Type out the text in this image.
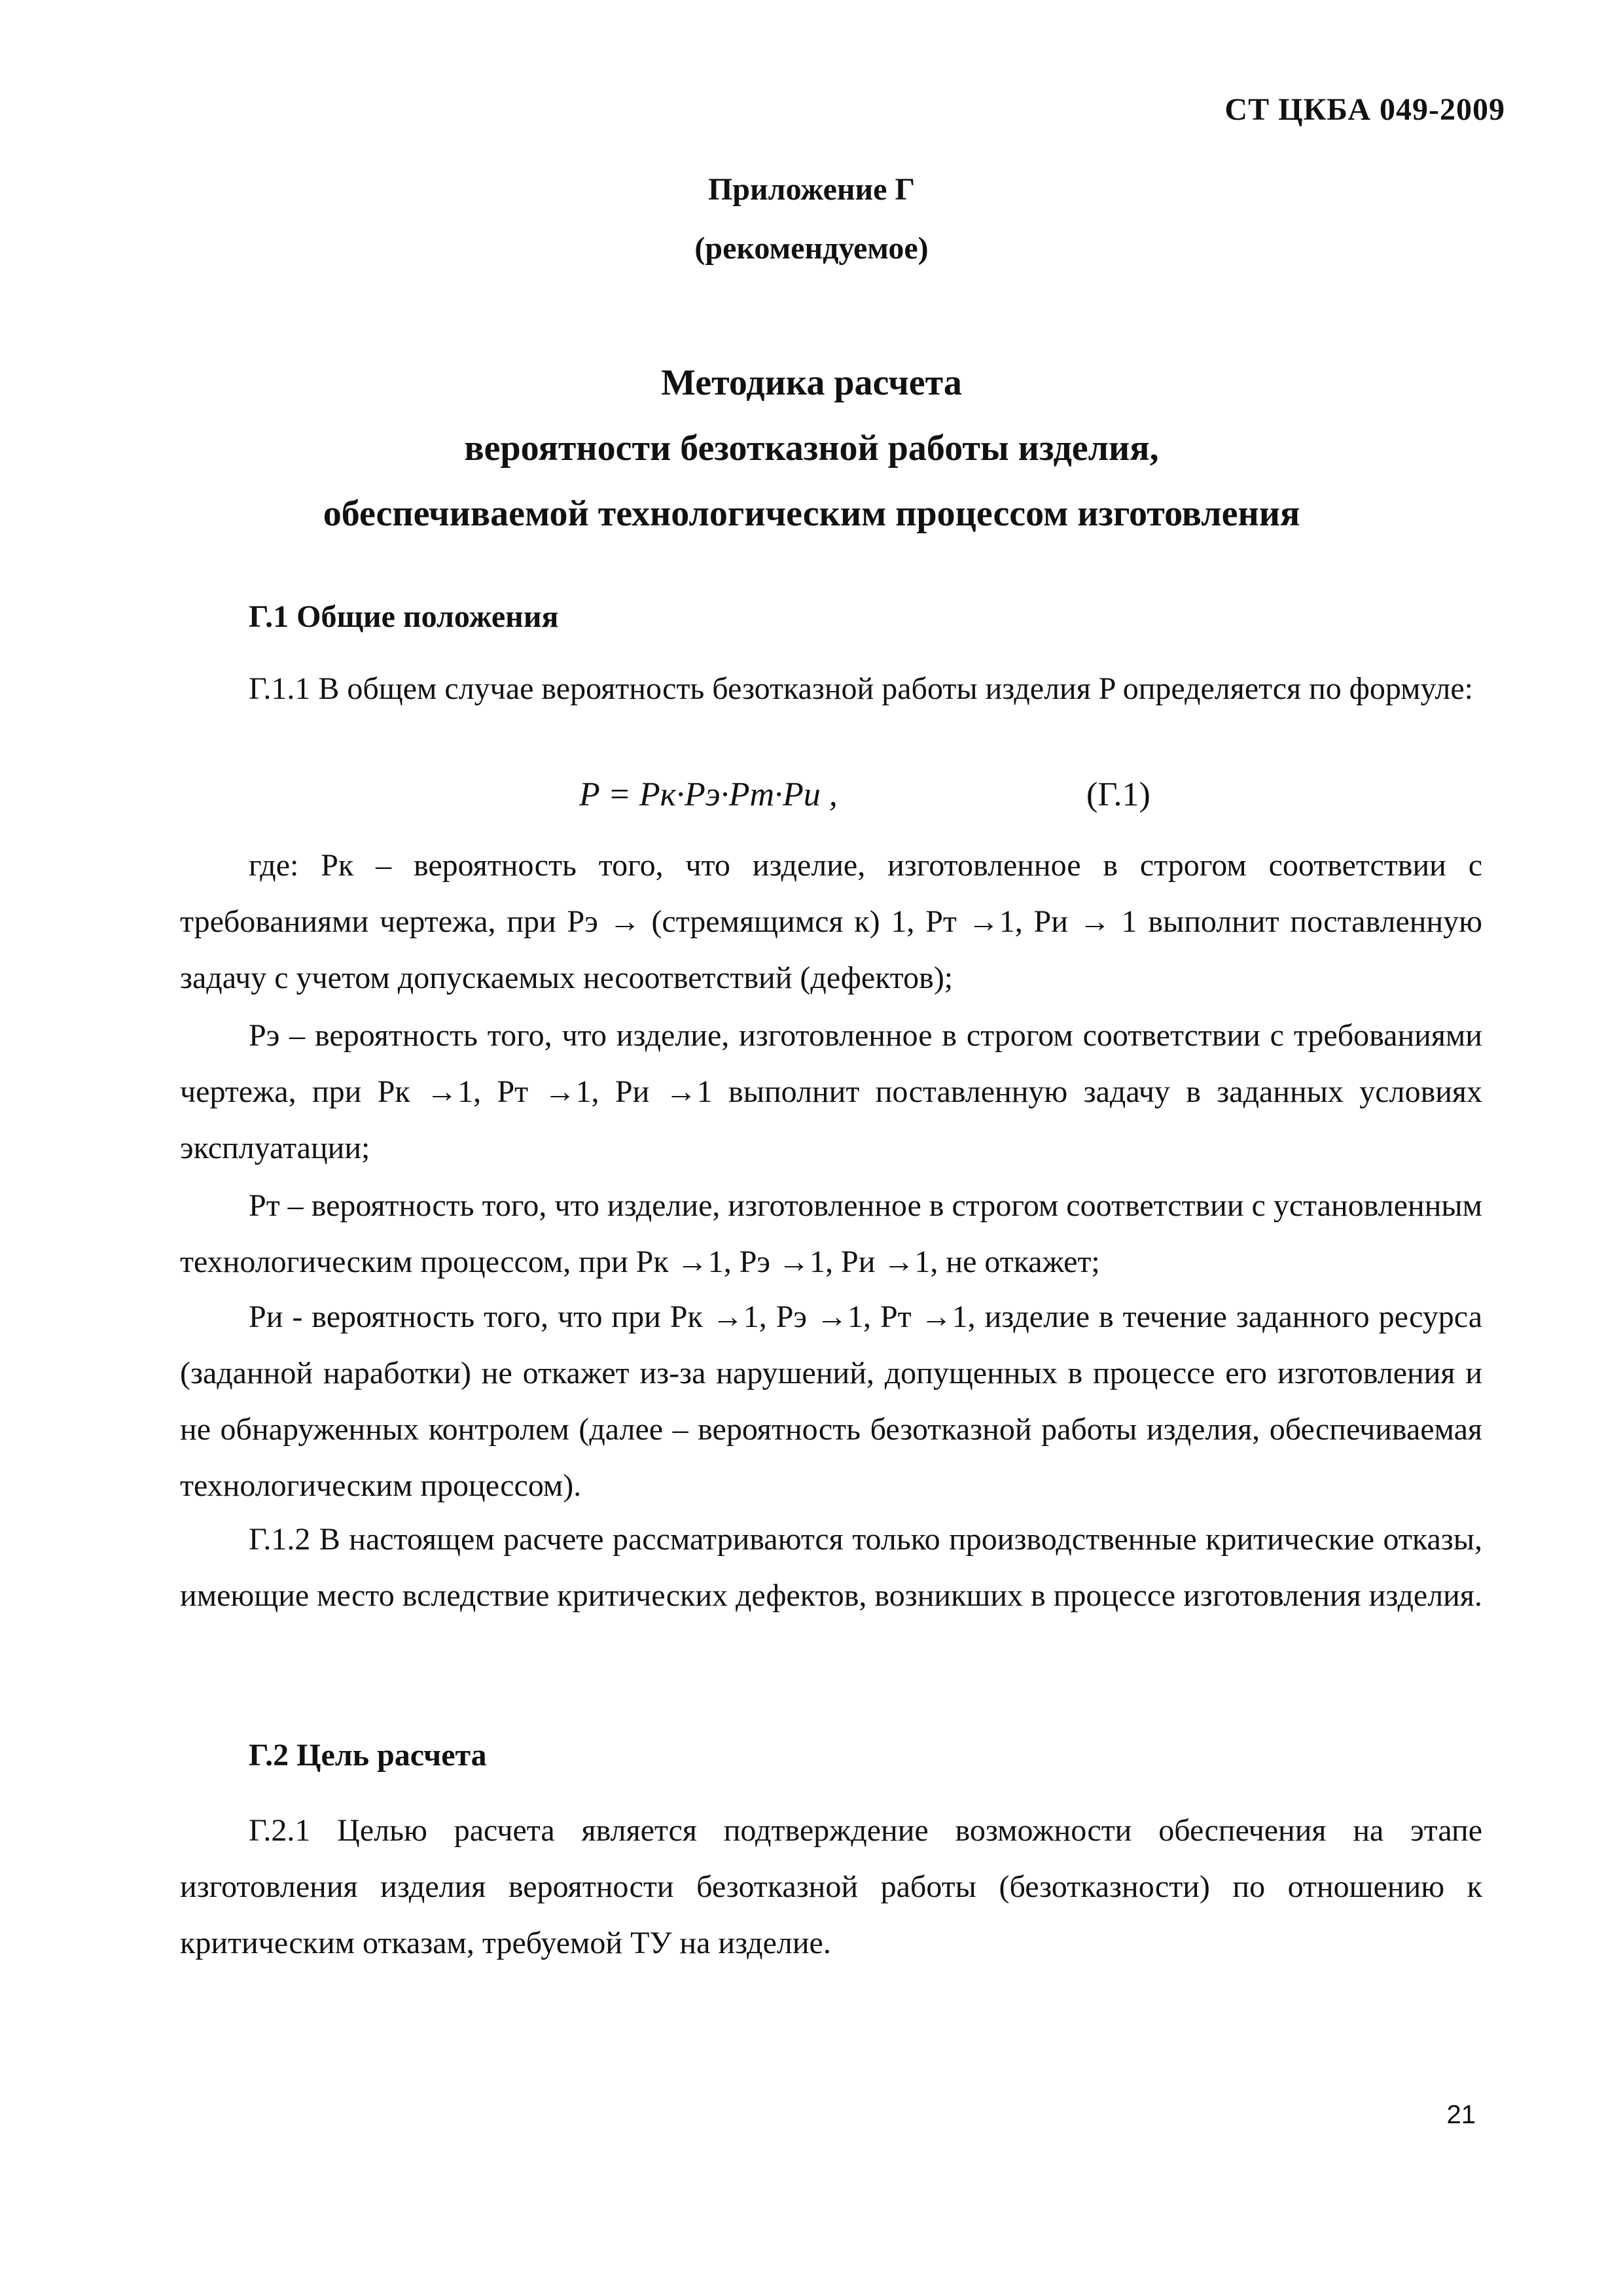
СТ ЦКБА 049-2009
Приложение Г
(рекомендуемое)
Методика расчета
вероятности безотказной работы изделия,
обеспечиваемой технологическим процессом изготовления
Г.1 Общие положения

Г.1.1 В общем случае вероятность безотказной работы изделия P определяется по формуле:

P = Pк·Pэ·Pт·Pи ,	(Г.1)

где: Pк – вероятность того, что изделие, изготовленное в строгом соответствии с требованиями чертежа, при Pэ → (стремящимся к) 1, Pт →1, Pи → 1 выполнит поставленную задачу с учетом допускаемых несоответствий (дефектов);

Pэ – вероятность того, что изделие, изготовленное в строгом соответствии с требованиями чертежа, при Pк →1, Pт →1, Pи →1 выполнит поставленную задачу в заданных условиях эксплуатации;

Pт – вероятность того, что изделие, изготовленное в строгом соответствии с установленным технологическим процессом, при Pк →1, Pэ →1, Pи →1, не откажет;

Pи - вероятность того, что при Pк →1, Pэ →1, Pт →1, изделие в течение заданного ресурса (заданной наработки) не откажет из-за нарушений, допущенных в процессе его изготовления и не обнаруженных контролем (далее – вероятность безотказной работы изделия, обеспечиваемая технологическим процессом).

Г.1.2 В настоящем расчете рассматриваются только производственные критические отказы, имеющие место вследствие критических дефектов, возникших в процессе изготовления изделия.

Г.2 Цель расчета

Г.2.1 Целью расчета является подтверждение возможности обеспечения на этапе изготовления изделия вероятности безотказной работы (безотказности) по отношению к критическим отказам, требуемой ТУ на изделие.

21
